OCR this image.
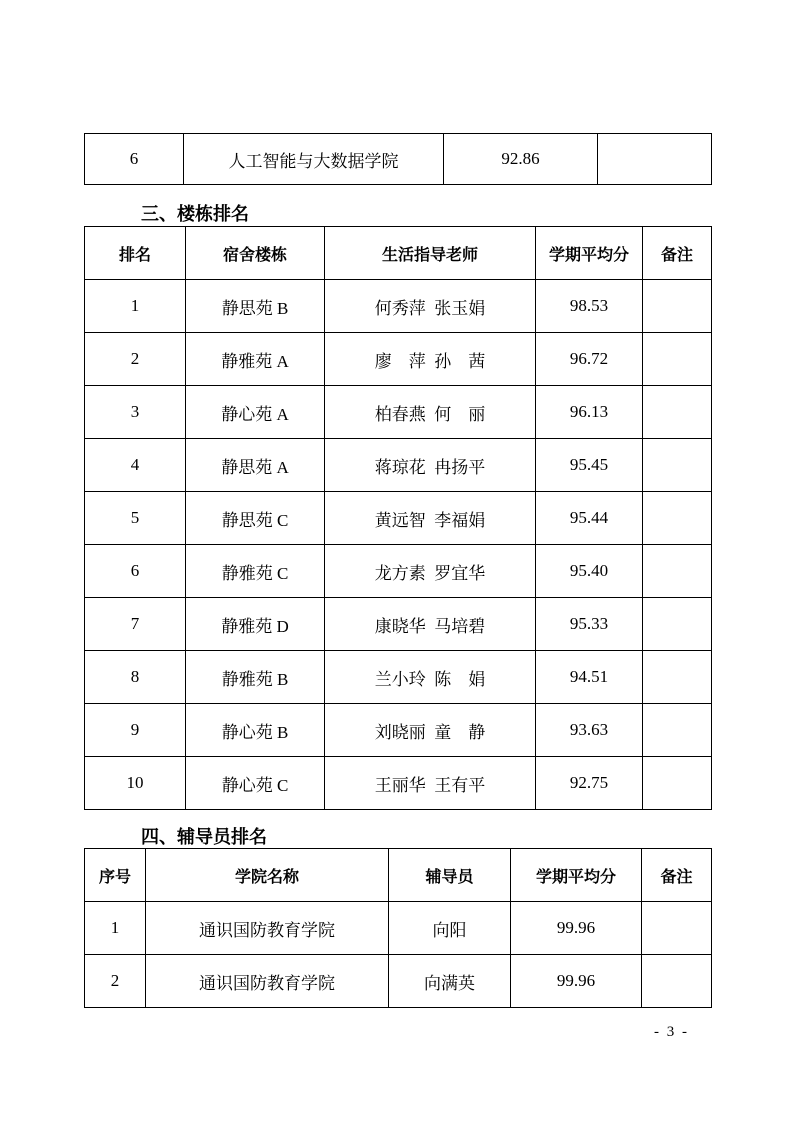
6	人工智能与大数据学院	92.86	
三、楼栋排名
排名	宿舍楼栋	生活指导老师	学期平均分	备注
1	静思苑 B	何秀萍  张玉娟	98.53	
2	静雅苑 A	廖　萍  孙　茜	96.72	
3	静心苑 A	柏春燕  何　丽	96.13	
4	静思苑 A	蒋琼花  冉扬平	95.45	
5	静思苑 C	黄远智  李福娟	95.44	
6	静雅苑 C	龙方素  罗宜华	95.40	
7	静雅苑 D	康晓华  马培碧	95.33	
8	静雅苑 B	兰小玲  陈　娟	94.51	
9	静心苑 B	刘晓丽  童　静	93.63	
10	静心苑 C	王丽华  王有平	92.75	
四、辅导员排名
序号	学院名称	辅导员	学期平均分	备注
1	通识国防教育学院	向阳	99.96	
2	通识国防教育学院	向满英	99.96	
- 3 -
